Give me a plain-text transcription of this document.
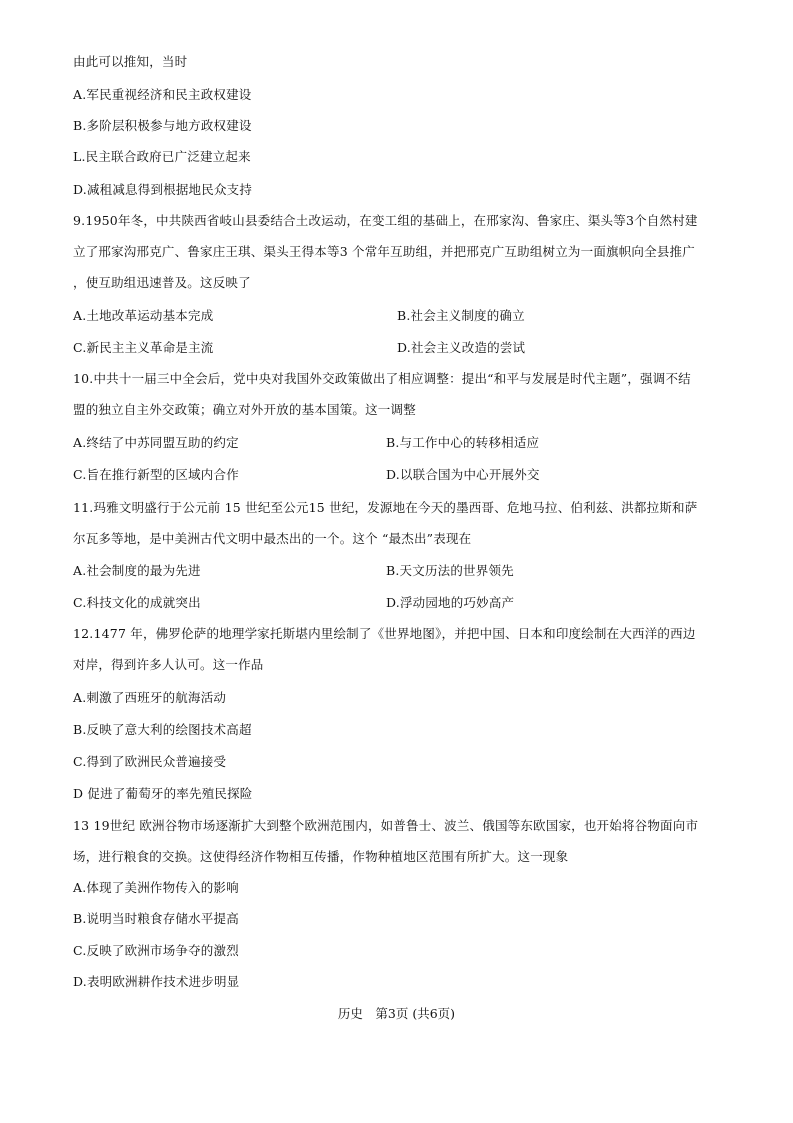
由此可以推知，当时
A.军民重视经济和民主政权建设
B.多阶层积极参与地方政权建设
L.民主联合政府已广泛建立起来
D.减租减息得到根据地民众支持
9.1950年冬，中共陕西省岐山县委结合土改运动，在变工组的基础上，在邢家沟、鲁家庄、渠头等3个自然村建
立了邢家沟邢克广、鲁家庄王琪、渠头王得本等3 个常年互助组，并把邢克广互助组树立为一面旗帜向全县推广
，使互助组迅速普及。这反映了
A.土地改革运动基本完成	B.社会主义制度的确立
C.新民主主义革命是主流	D.社会主义改造的尝试
10.中共十一届三中全会后，党中央对我国外交政策做出了相应调整：提出“和平与发展是时代主题”，强调不结
盟的独立自主外交政策；确立对外开放的基本国策。这一调整
A.终结了中苏同盟互助的约定	B.与工作中心的转移相适应
C.旨在推行新型的区域内合作	D.以联合国为中心开展外交
11.玛雅文明盛行于公元前 15 世纪至公元15 世纪，发源地在今天的墨西哥、危地马拉、伯利兹、洪都拉斯和萨
尔瓦多等地，是中美洲古代文明中最杰出的一个。这个 “最杰出”表现在
A.社会制度的最为先进	B.天文历法的世界领先
C.科技文化的成就突出	D.浮动园地的巧妙高产
12.1477 年，佛罗伦萨的地理学家托斯堪内里绘制了《世界地图》，并把中国、日本和印度绘制在大西洋的西边
对岸，得到许多人认可。这一作品
A.刺激了西班牙的航海活动
B.反映了意大利的绘图技术高超
C.得到了欧洲民众普遍接受
D 促进了葡萄牙的率先殖民探险
13 19世纪 欧洲谷物市场逐渐扩大到整个欧洲范围内，如普鲁士、波兰、俄国等东欧国家，也开始将谷物面向市
场，进行粮食的交换。这使得经济作物相互传播，作物种植地区范围有所扩大。这一现象
A.体现了美洲作物传入的影响
B.说明当时粮食存储水平提高
C.反映了欧洲市场争夺的激烈
D.表明欧洲耕作技术进步明显
历史　第3页 (共6页)
